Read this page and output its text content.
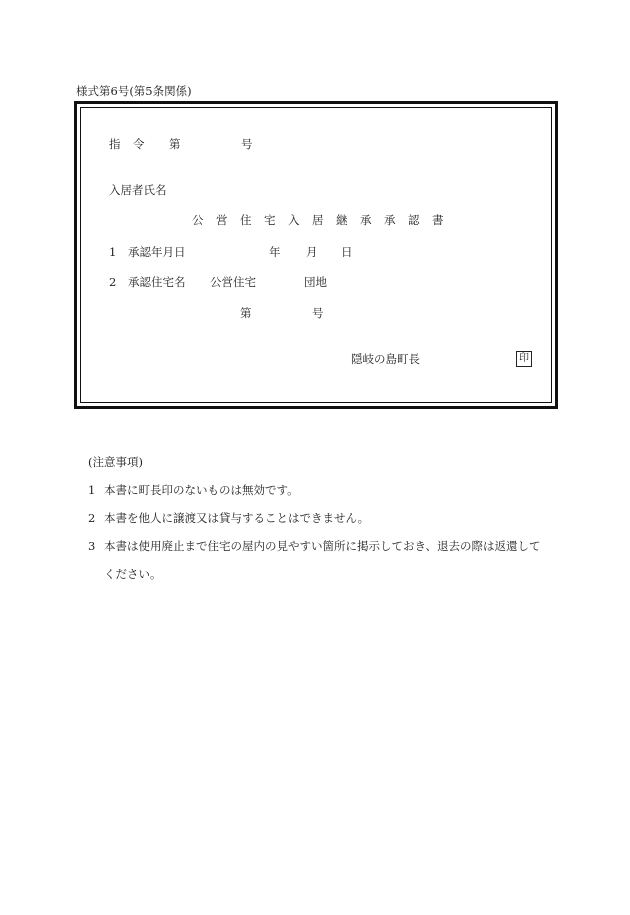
様式第6号(第5条関係)
指 令 第	号
入居者氏名
公 営 住 宅 入 居 継 承 承 認 書
1 承認年月日	年 月 日
2 承認住宅名 公営住宅	団地
第	号
隠岐の島町長	印
(注意事項)
1 本書に町長印のないものは無効です。
2 本書を他人に譲渡又は貸与することはできません。
3 本書は使用廃止まで住宅の屋内の見やすい箇所に掲示しておき、退去の際は返還して
ください。
